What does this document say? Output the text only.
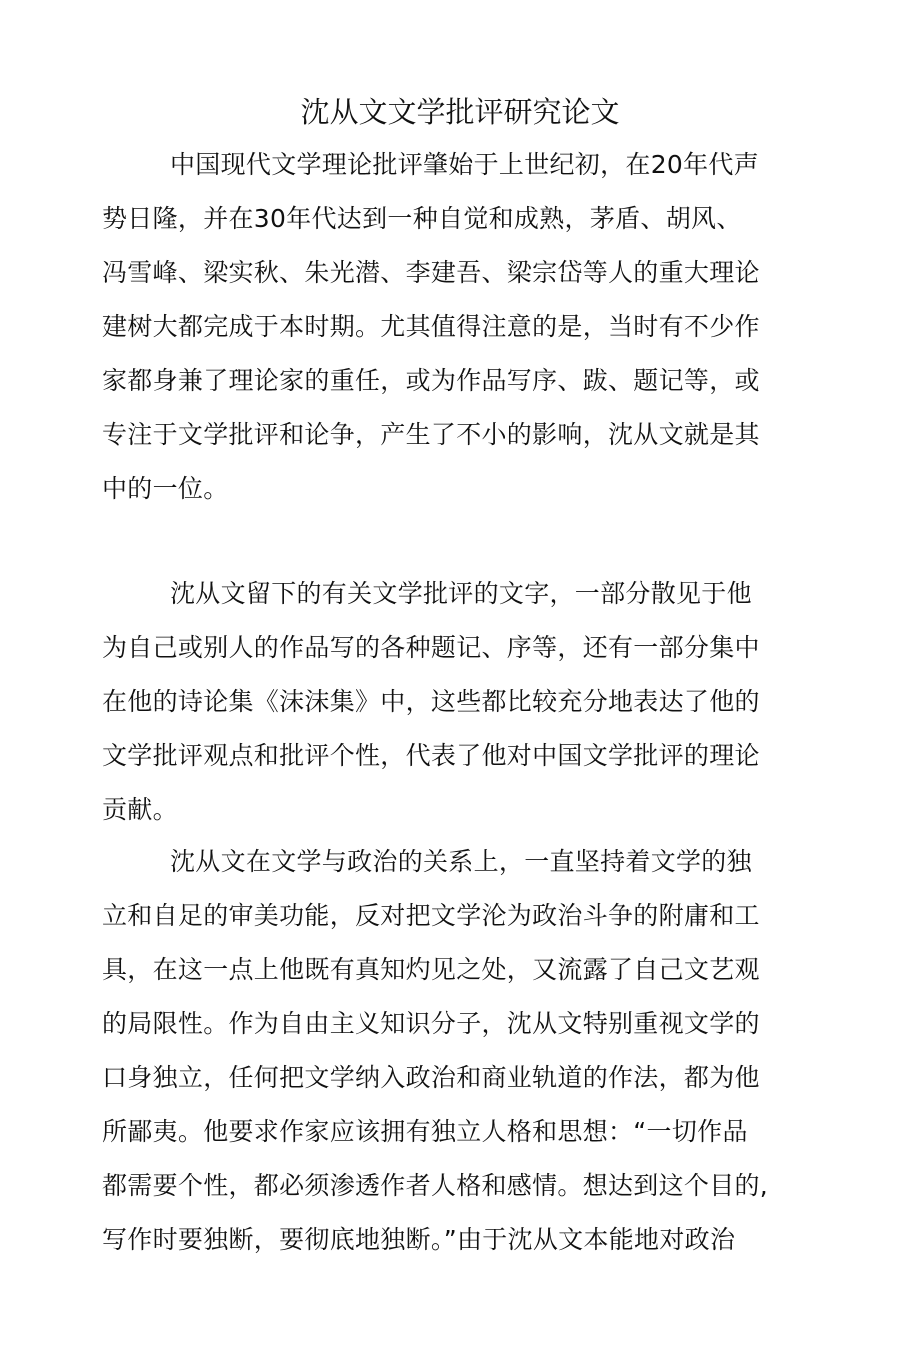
沈从文文学批评研究论文
中国现代文学理论批评肇始于上世纪初，在20年代声
势日隆，并在30年代达到一种自觉和成熟，茅盾、胡风、
冯雪峰、梁实秋、朱光潜、李建吾、梁宗岱等人的重大理论
建树大都完成于本时期。尤其值得注意的是，当时有不少作
家都身兼了理论家的重任，或为作品写序、跋、题记等，或
专注于文学批评和论争，产生了不小的影响，沈从文就是其
中的一位。
沈从文留下的有关文学批评的文字，一部分散见于他
为自己或别人的作品写的各种题记、序等，还有一部分集中
在他的诗论集《沫沫集》中，这些都比较充分地表达了他的
文学批评观点和批评个性，代表了他对中国文学批评的理论
贡献。
沈从文在文学与政治的关系上，一直坚持着文学的独
立和自足的审美功能，反对把文学沦为政治斗争的附庸和工
具，在这一点上他既有真知灼见之处，又流露了自己文艺观
的局限性。作为自由主义知识分子，沈从文特别重视文学的
口身独立，任何把文学纳入政治和商业轨道的作法，都为他
所鄙夷。他要求作家应该拥有独立人格和思想：“一切作品
都需要个性，都必须渗透作者人格和感情。想达到这个目的,
写作时要独断，要彻底地独断。”由于沈从文本能地对政治
